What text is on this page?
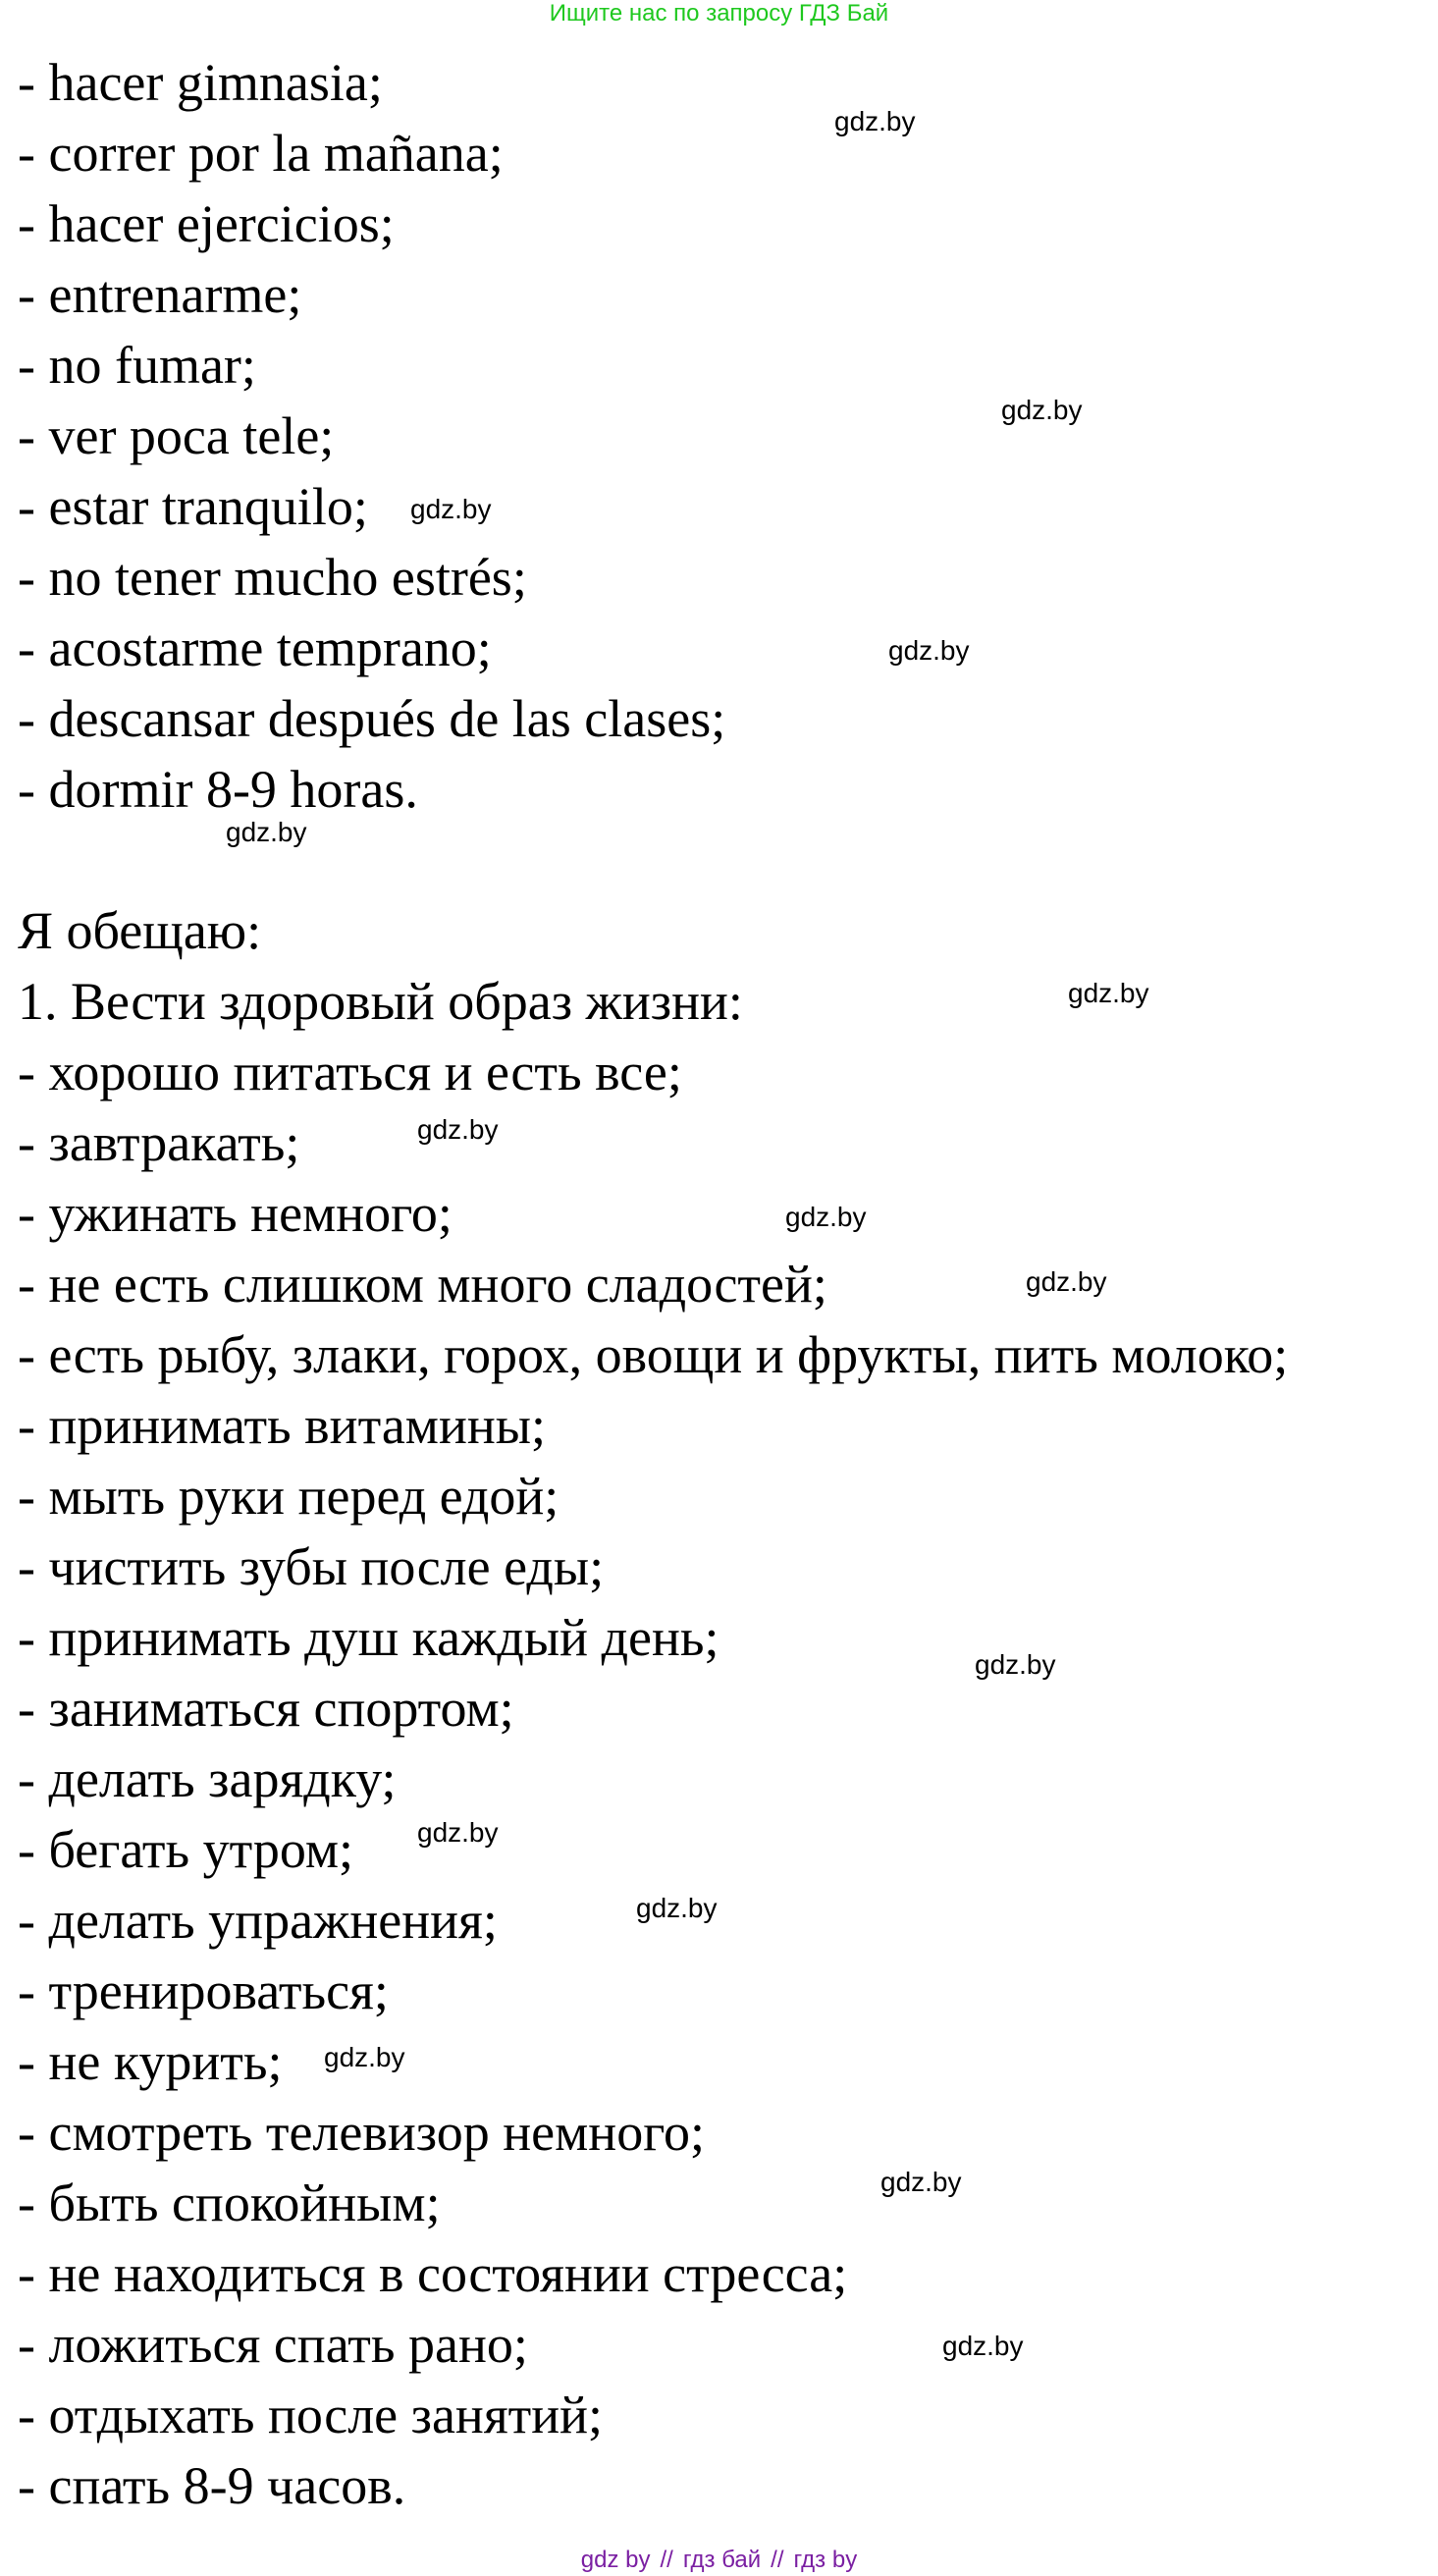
Ищите нас по запросу ГДЗ Бай
- hacer gimnasia;
- correr por la mañana;
- hacer ejercicios;
- entrenarme;
- no fumar;
- ver poca tele;
- estar tranquilo;
- no tener mucho estrés;
- acostarme temprano;
- descansar después de las clases;
- dormir 8-9 horas.
Я обещаю:
1. Вести здоровый образ жизни:
- хорошо питаться и есть все;
- завтракать;
- ужинать немного;
- не есть слишком много сладостей;
- есть рыбу, злаки, горох, овощи и фрукты, пить молоко;
- принимать витамины;
- мыть руки перед едой;
- чистить зубы после еды;
- принимать душ каждый день;
- заниматься спортом;
- делать зарядку;
- бегать утром;
- делать упражнения;
- тренироваться;
- не курить;
- смотреть телевизор немного;
- быть спокойным;
- не находиться в состоянии стресса;
- ложиться спать рано;
- отдыхать после занятий;
- спать 8-9 часов.
gdz.by
gdz.by
gdz.by
gdz.by
gdz.by
gdz.by
gdz.by
gdz.by
gdz.by
gdz.by
gdz.by
gdz.by
gdz.by
gdz.by
gdz.by
gdz by // гдз бай // гдз by
